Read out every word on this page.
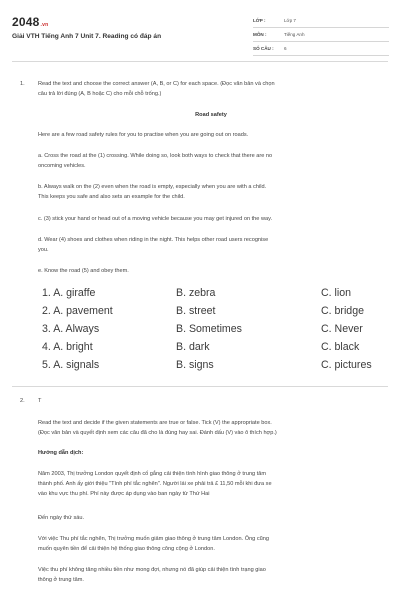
2048.vn
Giải VTH Tiếng Anh 7 Unit 7. Reading có đáp án
LỚP :	Lớp 7
MÔN :	Tiếng Anh
SỐ CÂU :	6
1. Read the text and choose the correct answer (A, B, or C) for each space. (Đọc văn bản và chọn

câu trả lời đúng (A, B hoặc C) cho mỗi chỗ trống.)

Road safety

Here are a few road safety rules for you to practise when you are going out on roads.

a. Cross the road at the (1) crossing. While doing so, look both ways to check that there are no

oncoming vehicles.

b. Always walk on the (2) even when the road is empty, especially when you are with a child.

This keeps you safe and also sets an example for the child.

c. (3) stick your hand or head out of a moving vehicle because you may get injured on the way.

d. Wear (4) shoes and clothes when riding in the night. This helps other road users recognise

you.

e. Know the road (5) and obey them.

1. A. giraffe	B. zebra	C. lion
2. A. pavement	B. street	C. bridge
3. A. Always	B. Sometimes	C. Never
4. A. bright	B. dark	C. black
5. A. signals	B. signs	C. pictures
2. T

Read the text and decide if the given statements are true or false. Tick (V) the appropriate box.

(Đọc văn bản và quyết định xem các câu đã cho là đúng hay sai. Đánh dấu (V) vào ô thích hợp.)

Hướng dẫn dịch:

Năm 2003, Thị trưởng London quyết định cố gắng cải thiện tình hình giao thông ở trung tâm

thành phố. Anh ấy giới thiệu "Tính phí tắc nghẽn". Người lái xe phải trả £ 11,50 mỗi khi đưa xe

vào khu vực thu phí. Phí này được áp dụng vào ban ngày từ Thứ Hai

Đến ngày thứ sáu.

Với việc Thu phí tắc nghẽn, Thị trưởng muốn giảm giao thông ở trung tâm London. Ông cũng

muốn quyên tiền để cải thiện hệ thống giao thông công cộng ở London.

Việc thu phí không tăng nhiều tiền như mong đợi, nhưng nó đã giúp cải thiện tình trạng giao

thông ở trung tâm.
